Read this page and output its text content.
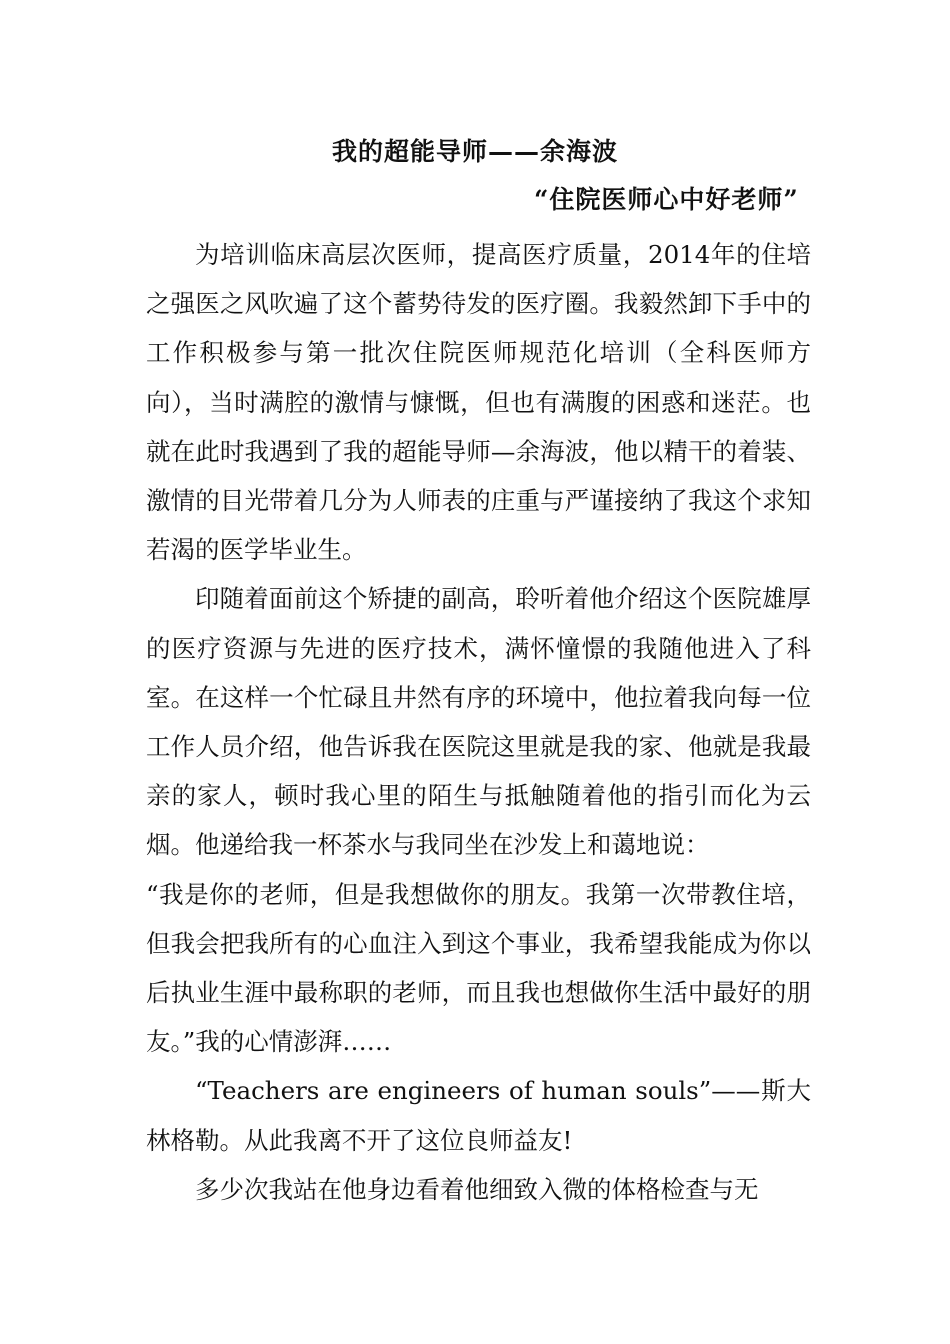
我的超能导师——余海波
“住院医师心中好老师”

为培训临床高层次医师，提高医疗质量，2014年的住培之强医之风吹遍了这个蓄势待发的医疗圈。我毅然卸下手中的工作积极参与第一批次住院医师规范化培训（全科医师方向），当时满腔的激情与慷慨，但也有满腹的困惑和迷茫。也就在此时我遇到了我的超能导师—余海波，他以精干的着装、激情的目光带着几分为人师表的庄重与严谨接纳了我这个求知若渴的医学毕业生。

印随着面前这个矫捷的副高，聆听着他介绍这个医院雄厚的医疗资源与先进的医疗技术，满怀憧憬的我随他进入了科室。在这样一个忙碌且井然有序的环境中，他拉着我向每一位工作人员介绍，他告诉我在医院这里就是我的家、他就是我最亲的家人，顿时我心里的陌生与抵触随着他的指引而化为云烟。他递给我一杯茶水与我同坐在沙发上和蔼地说：

“我是你的老师，但是我想做你的朋友。我第一次带教住培，但我会把我所有的心血注入到这个事业，我希望我能成为你以后执业生涯中最称职的老师，而且我也想做你生活中最好的朋友。”我的心情澎湃……

“Teachers are engineers of human souls”——斯大林格勒。从此我离不开了这位良师益友!

多少次我站在他身边看着他细致入微的体格检查与无
